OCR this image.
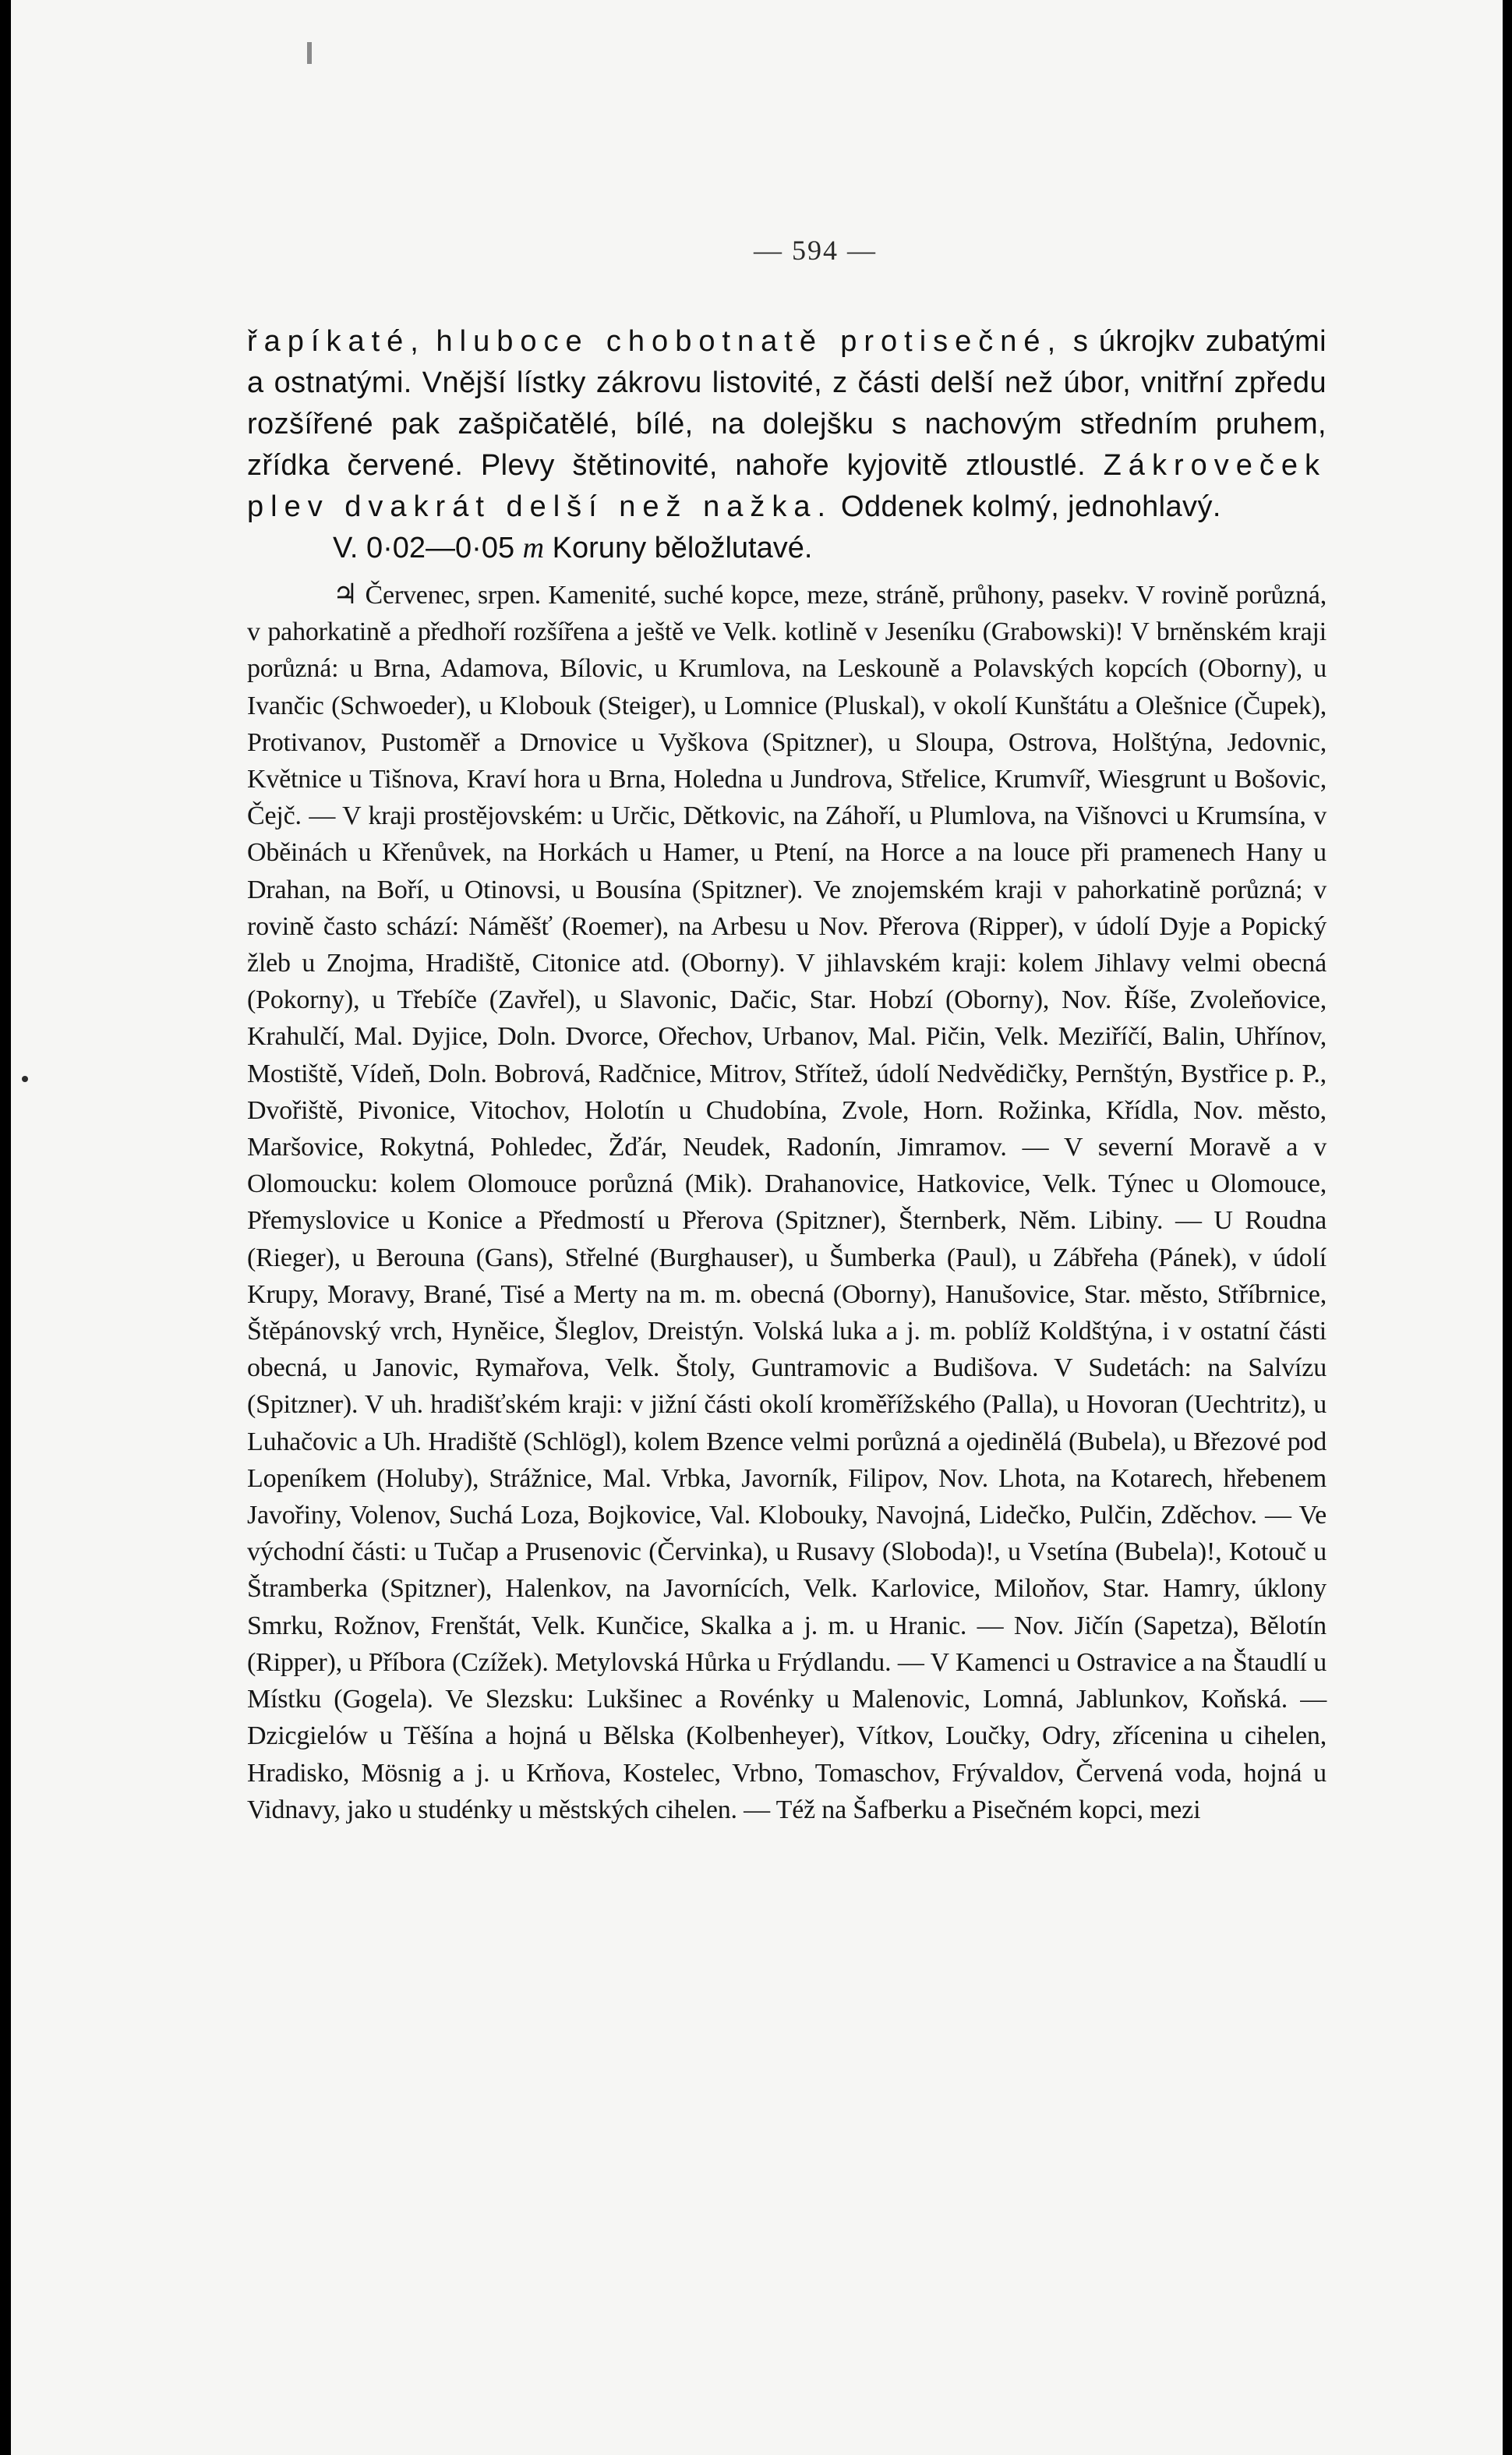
— 594 —

řapíkaté, hluboce chobotnatě protisečné, s úkrojkv zubatými a ostnatými. Vnější lístky zákrovu listovité, z části delší než úbor, vnitřní zpředu rozšířené pak zašpičatělé, bílé, na dolejšku s nachovým středním pruhem, zřídka červené. Plevy štětinovité, nahoře kyjovitě ztloustlé. Zákroveček plev dvakrát delší než nažka. Oddenek kolmý, jednohlavý.

V. 0·02—0·05 m Koruny běložlutavé.

♃ Červenec, srpen. Kamenité, suché kopce, meze, stráně, průhony, pasekv. V rovině porůzná, v pahorkatině a předhoří rozšířena a ještě ve Velk. kotlině v Jeseníku (Grabowski)! V brněnském kraji porůzná: u Brna, Adamova, Bílovic, u Krumlova, na Leskouně a Polavských kopcích (Oborny), u Ivančic (Schwoeder), u Klobouk (Steiger), u Lomnice (Pluskal), v okolí Kunštátu a Olešnice (Čupek), Protivanov, Pustoměř a Drnovice u Vyškova (Spitzner), u Sloupa, Ostrova, Holštýna, Jedovnic, Květnice u Tišnova, Kraví hora u Brna, Holedna u Jundrova, Střelice, Krumvíř, Wiesgrunt u Bošovic, Čejč. — V kraji prostějovském: u Určic, Dětkovic, na Záhoří, u Plumlova, na Višnovci u Krumsína, v Oběinách u Křenůvek, na Horkách u Hamer, u Ptení, na Horce a na louce při pramenech Hany u Drahan, na Boří, u Otinovsi, u Bousína (Spitzner). Ve znojemském kraji v pahorkatině porůzná; v rovině často schází: Náměšť (Roemer), na Arbesu u Nov. Přerova (Ripper), v údolí Dyje a Popický žleb u Znojma, Hradiště, Citonice atd. (Oborny). V jihlavském kraji: kolem Jihlavy velmi obecná (Pokorny), u Třebíče (Zavřel), u Slavonic, Dačic, Star. Hobzí (Oborny), Nov. Říše, Zvoleňovice, Krahulčí, Mal. Dyjice, Doln. Dvorce, Ořechov, Urbanov, Mal. Pičin, Velk. Meziříčí, Balin, Uhřínov, Mostiště, Vídeň, Doln. Bobrová, Radčnice, Mitrov, Střítež, údolí Nedvědičky, Pernštýn, Bystřice p. P., Dvořiště, Pivonice, Vitochov, Holotín u Chudobína, Zvole, Horn. Rožinka, Křídla, Nov. město, Maršovice, Rokytná, Pohledec, Žďár, Neudek, Radonín, Jimramov. — V severní Moravě a v Olomoucku: kolem Olomouce porůzná (Mik). Drahanovice, Hatkovice, Velk. Týnec u Olomouce, Přemyslovice u Konice a Předmostí u Přerova (Spitzner), Šternberk, Něm. Libiny. — U Roudna (Rieger), u Berouna (Gans), Střelné (Burghauser), u Šumberka (Paul), u Zábřeha (Pánek), v údolí Krupy, Moravy, Brané, Tisé a Merty na m. m. obecná (Oborny), Hanušovice, Star. město, Stříbrnice, Štěpánovský vrch, Hyněice, Šleglov, Dreistýn. Volská luka a j. m. poblíž Koldštýna, i v ostatní části obecná, u Janovic, Rymařova, Velk. Štoly, Guntramovic a Budišova. V Sudetách: na Salvízu (Spitzner). V uh. hradišťském kraji: v jižní části okolí kroměřížského (Palla), u Hovoran (Uechtritz), u Luhačovic a Uh. Hradiště (Schlögl), kolem Bzence velmi porůzná a ojedinělá (Bubela), u Březové pod Lopeníkem (Holuby), Strážnice, Mal. Vrbka, Javorník, Filipov, Nov. Lhota, na Kotarech, hřebenem Javořiny, Volenov, Suchá Loza, Bojkovice, Val. Klobouky, Navojná, Lidečko, Pulčin, Zděchov. — Ve východní části: u Tučap a Prusenovic (Červinka), u Rusavy (Sloboda)!, u Vsetína (Bubela)!, Kotouč u Štramberka (Spitzner), Halenkov, na Javornících, Velk. Karlovice, Miloňov, Star. Hamry, úklony Smrku, Rožnov, Frenštát, Velk. Kunčice, Skalka a j. m. u Hranic. — Nov. Jičín (Sapetza), Bělotín (Ripper), u Příbora (Czížek). Metylovská Hůrka u Frýdlandu. — V Kamenci u Ostravice a na Štaudlí u Místku (Gogela). Ve Slezsku: Lukšinec a Rovénky u Malenovic, Lomná, Jablunkov, Koňská. — Dzicgielów u Těšína a hojná u Bělska (Kolbenheyer), Vítkov, Loučky, Odry, zřícenina u cihelen, Hradisko, Mösnig a j. u Krňova, Kostelec, Vrbno, Tomaschov, Frývaldov, Červená voda, hojná u Vidnavy, jako u studénky u městských cihelen. — Též na Šafberku a Pisečném kopci, mezi
